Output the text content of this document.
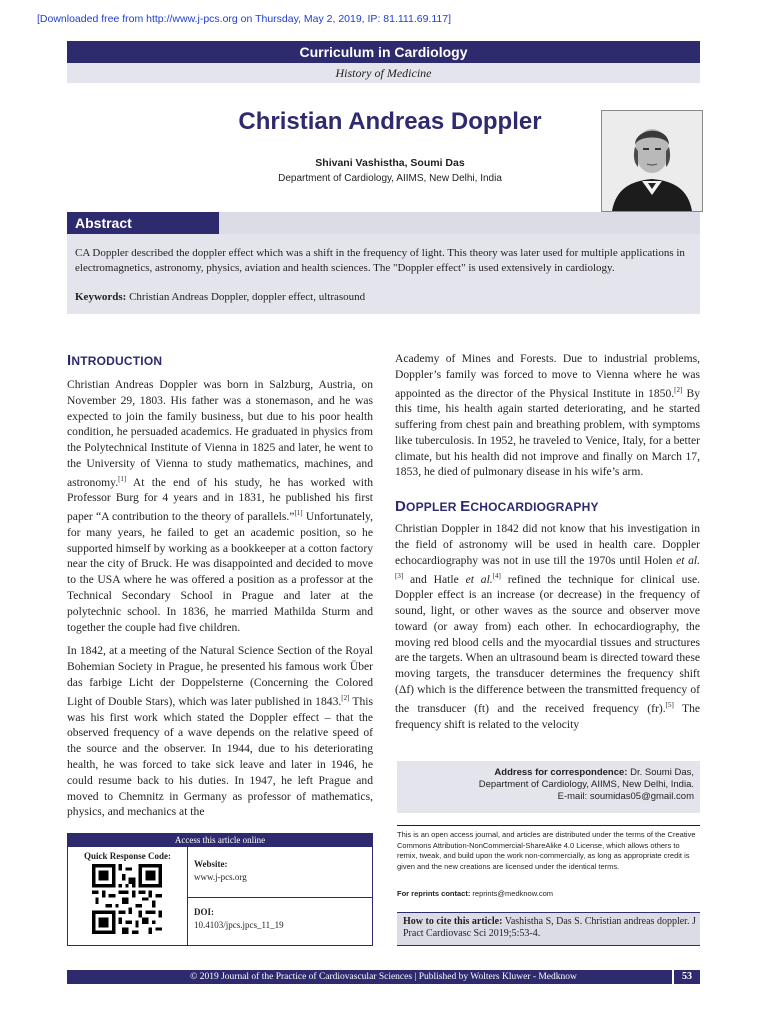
[Downloaded free from http://www.j-pcs.org on Thursday, May 2, 2019, IP: 81.111.69.117]
Curriculum in Cardiology
History of Medicine
Christian Andreas Doppler
Shivani Vashistha, Soumi Das
Department of Cardiology, AIIMS, New Delhi, India
Abstract
CA Doppler described the doppler effect which was a shift in the frequency of light. This theory was later used for multiple applications in electromagnetics, astronomy, physics, aviation and health sciences. The "Doppler effect" is used extensively in cardiology.
Keywords: Christian Andreas Doppler, doppler effect, ultrasound
INTRODUCTION

Christian Andreas Doppler was born in Salzburg, Austria, on November 29, 1803. His father was a stonemason, and he was expected to join the family business, but due to his poor health condition, he persuaded academics. He graduated in physics from the Polytechnical Institute of Vienna in 1825 and later, he went to the University of Vienna to study mathematics, machines, and astronomy.[1] At the end of his study, he has worked with Professor Burg for 4 years and in 1831, he published his first paper “A contribution to the theory of parallels.”[1] Unfortunately, for many years, he failed to get an academic position, so he supported himself by working as a bookkeeper at a cotton factory near the city of Bruck. He was disappointed and decided to move to the USA where he was offered a position as a professor at the Technical Secondary School in Prague and later at the polytechnic school. In 1836, he married Mathilda Sturm and together the couple had five children.

In 1842, at a meeting of the Natural Science Section of the Royal Bohemian Society in Prague, he presented his famous work Über das farbige Licht der Doppelsterne (Concerning the Colored Light of Double Stars), which was later published in 1843.[2] This was his first work which stated the Doppler effect – that the observed frequency of a wave depends on the relative speed of the source and the observer. In 1944, due to his deteriorating health, he was forced to take sick leave and later in 1946, he could resume back to his duties. In 1947, he left Prague and moved to Chemnitz in Germany as professor of mathematics, physics, and mechanics at the

Academy of Mines and Forests. Due to industrial problems, Doppler’s family was forced to move to Vienna where he was appointed as the director of the Physical Institute in 1850.[2] By this time, his health again started deteriorating, and he started suffering from chest pain and breathing problem, with symptoms like tuberculosis. In 1952, he traveled to Venice, Italy, for a better climate, but his health did not improve and finally on March 17, 1853, he died of pulmonary disease in his wife’s arm.

DOPPLER ECHOCARDIOGRAPHY

Christian Doppler in 1842 did not know that his investigation in the field of astronomy will be used in health care. Doppler echocardiography was not in use till the 1970s until Holen et al.[3] and Hatle et al.[4] refined the technique for clinical use. Doppler effect is an increase (or decrease) in the frequency of sound, light, or other waves as the source and observer move toward (or away from) each other. In echocardiography, the moving red blood cells and the myocardial tissues and structures are the targets. When an ultrasound beam is directed toward these moving targets, the transducer determines the frequency shift (Δf) which is the difference between the transmitted frequency of the transducer (ft) and the received frequency (fr).[5] The frequency shift is related to the velocity

Address for correspondence: Dr. Soumi Das,
Department of Cardiology, AIIMS, New Delhi, India.
E-mail: soumidas05@gmail.com
This is an open access journal, and articles are distributed under the terms of the Creative Commons Attribution-NonCommercial-ShareAlike 4.0 License, which allows others to remix, tweak, and build upon the work non-commercially, as long as appropriate credit is given and the new creations are licensed under the identical terms.
For reprints contact: reprints@medknow.com
How to cite this article: Vashistha S, Das S. Christian andreas doppler. J Pract Cardiovasc Sci 2019;5:53-4.
Access this article online
Quick Response Code:
Website:
www.j-pcs.org
DOI:
10.4103/jpcs.jpcs_11_19
© 2019 Journal of the Practice of Cardiovascular Sciences | Published by Wolters Kluwer - Medknow	53
